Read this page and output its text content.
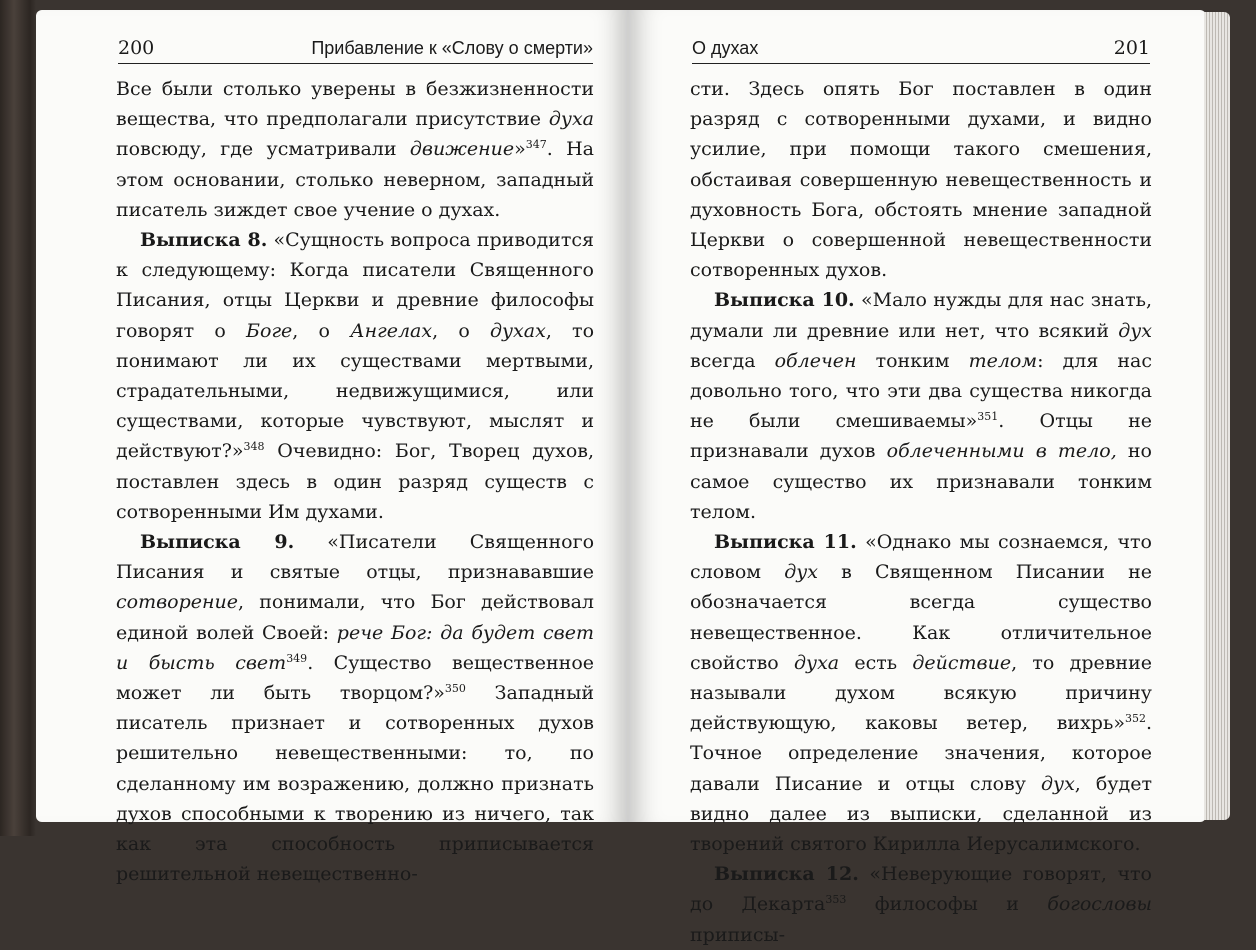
200	Прибавление к «Слову о смерти»

Все были столько уверены в безжизненности вещества, что предполагали присутствие духа повсюду, где усматривали движение»$^{347}$. На этом основании, столько неверном, западный писатель зиждет свое учение о духах.

Выписка 8. «Сущность вопроса приводится к следующему: Когда писатели Священного Писания, отцы Церкви и древние философы говорят о Боге, о Ангелах, о духах, то понимают ли их существами мертвыми, страдательными, недвижущимися, или существами, которые чувствуют, мыслят и действуют?»$^{348}$ Очевидно: Бог, Творец духов, поставлен здесь в один разряд существ с сотворенными Им духами.

Выписка 9. «Писатели Священного Писания и святые отцы, признававшие сотворение, понимали, что Бог действовал единой волей Своей: рече Бог: да будет свет и бысть свет$^{349}$. Существо вещественное может ли быть творцом?»$^{350}$ Западный писатель признает и сотворенных духов решительно невещественными: то, по сделанному им возражению, должно признать духов способными к творению из ничего, так как эта способность приписывается решительной невещественно-

О духах	201

сти. Здесь опять Бог поставлен в один разряд с сотворенными духами, и видно усилие, при помощи такого смешения, обстаивая совершенную невещественность и духовность Бога, обстоять мнение западной Церкви о совершенной невещественности сотворенных духов.

Выписка 10. «Мало нужды для нас знать, думали ли древние или нет, что всякий дух всегда облечен тонким телом: для нас довольно того, что эти два существа никогда не были смешиваемы»$^{351}$. Отцы не признавали духов облеченными в тело, но самое существо их признавали тонким телом.

Выписка 11. «Однако мы сознаемся, что словом дух в Священном Писании не обозначается всегда существо невещественное. Как отличительное свойство духа есть действие, то древние называли духом всякую причину действующую, каковы ветер, вихрь»$^{352}$. Точное определение значения, которое давали Писание и отцы слову дух, будет видно далее из выписки, сделанной из творений святого Кирилла Иерусалимского.

Выписка 12. «Неверующие говорят, что до Декарта$^{353}$ философы и богословы приписы-
